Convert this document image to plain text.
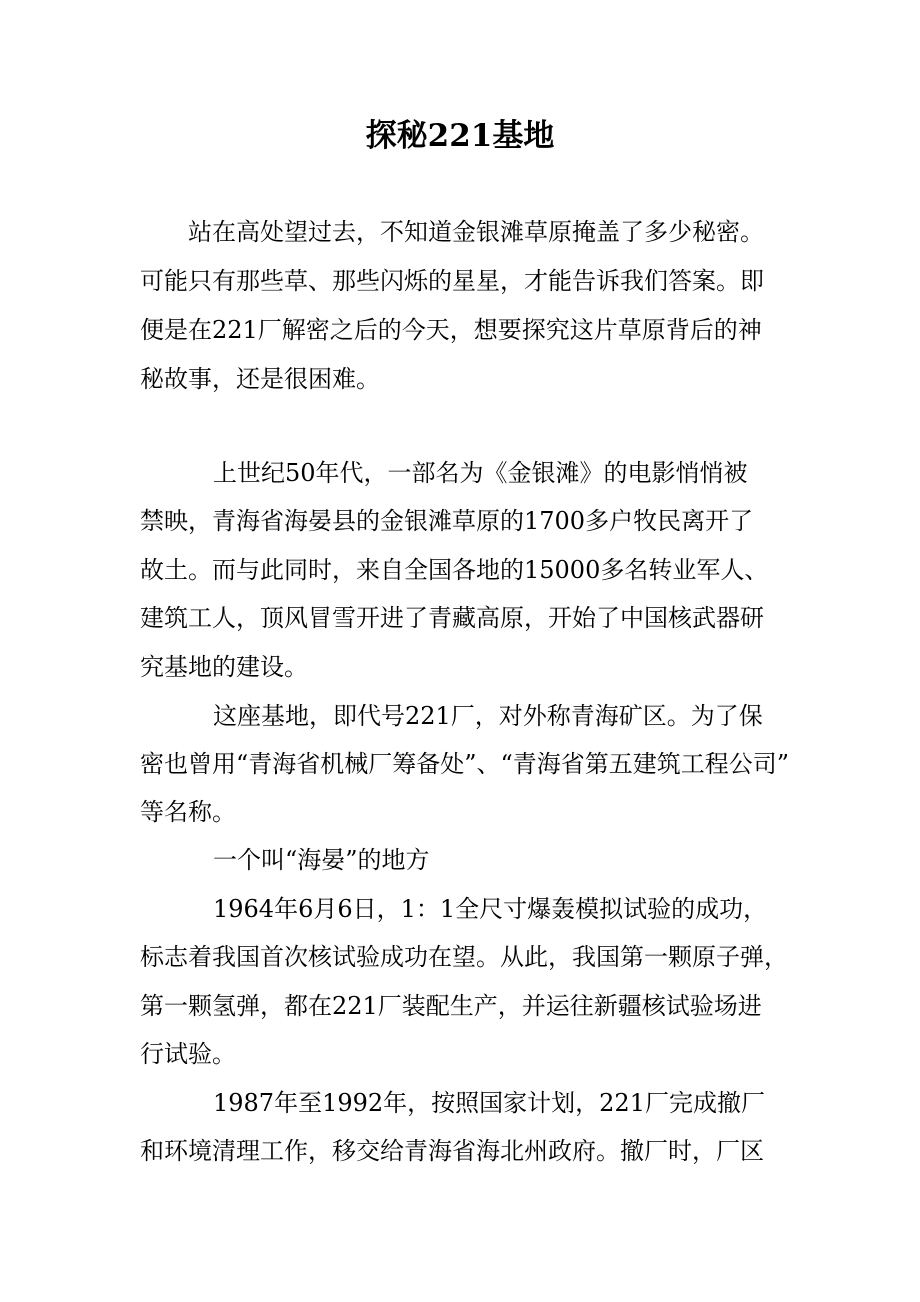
探秘221基地

站在高处望过去，不知道金银滩草原掩盖了多少秘密。

可能只有那些草、那些闪烁的星星，才能告诉我们答案。即

便是在221厂解密之后的今天，想要探究这片草原背后的神

秘故事，还是很困难。

上世纪50年代，一部名为《金银滩》的电影悄悄被

禁映，青海省海晏县的金银滩草原的1700多户牧民离开了

故土。而与此同时，来自全国各地的15000多名转业军人、

建筑工人，顶风冒雪开进了青藏高原，开始了中国核武器研

究基地的建设。

这座基地，即代号221厂，对外称青海矿区。为了保

密也曾用“青海省机械厂筹备处”、“青海省第五建筑工程公司”

等名称。

一个叫“海晏”的地方

1964年6月6日，1：1全尺寸爆轰模拟试验的成功，

标志着我国首次核试验成功在望。从此，我国第一颗原子弹，

第一颗氢弹，都在221厂装配生产，并运往新疆核试验场进

行试验。

1987年至1992年，按照国家计划，221厂完成撤厂

和环境清理工作，移交给青海省海北州政府。撤厂时，厂区
